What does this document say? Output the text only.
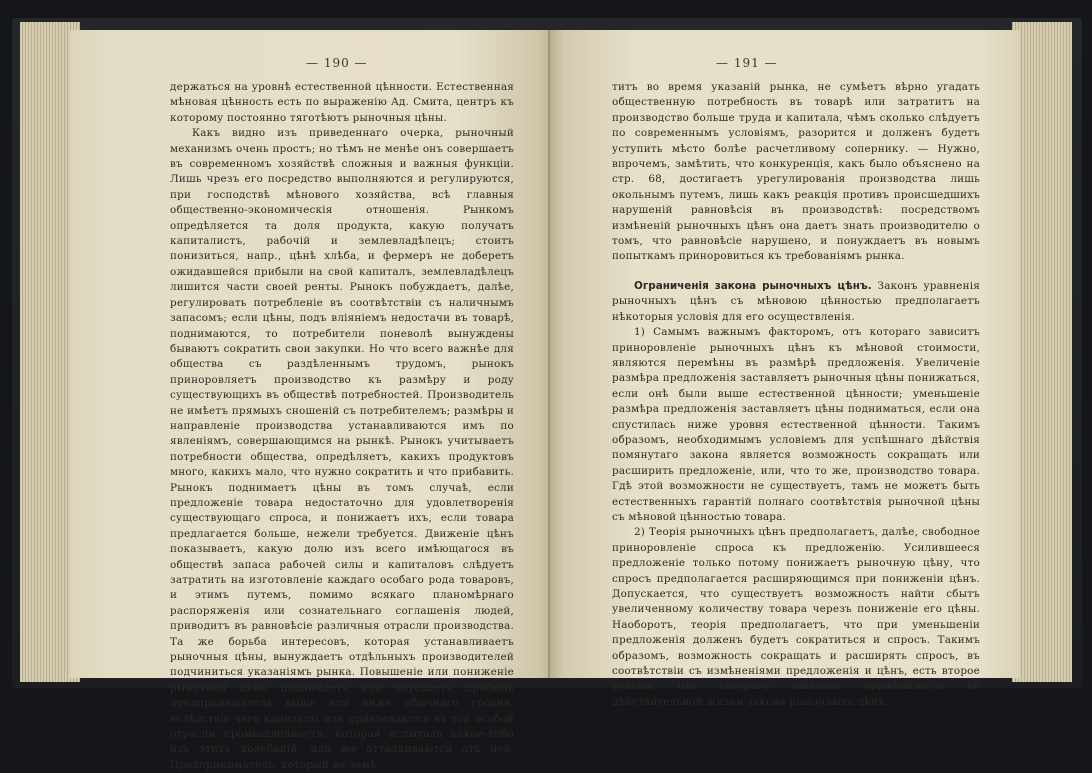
— 190 —

держаться на уровнѣ естественной цѣнности. Естественная мѣновая цѣнность есть по выраженію Ад. Смита, центръ къ которому постоянно тяготѣютъ рыночныя цѣны.

Какъ видно изъ приведеннаго очерка, рыночный механизмъ очень простъ; но тѣмъ не менѣе онъ совершаетъ въ современномъ хозяйствѣ сложныя и важныя функціи. Лишь чрезъ его посредство выполняются и регулируются, при господствѣ мѣнового хозяйства, всѣ главныя общественно-экономическія отношенія. Рынкомъ опредѣляется та доля продукта, какую получатъ капиталистъ, рабочій и землевладѣлецъ; стоитъ понизиться, напр., цѣнѣ хлѣба, и фермеръ не доберетъ ожидавшейся прибыли на свой капиталъ, землевладѣлецъ лишится части своей ренты. Рынокъ побуждаетъ, далѣе, регулировать потребленіе въ соотвѣтствіи съ наличнымъ запасомъ; если цѣны, подъ вліяніемъ недостачи въ товарѣ, поднимаются, то потребители поневолѣ вынуждены бываютъ сократить свои закупки. Но что всего важнѣе для общества съ раздѣленнымъ трудомъ, рынокъ приноровляетъ производство къ размѣру и роду существующихъ въ обществѣ потребностей. Производитель не имѣетъ прямыхъ сношеній съ потребителемъ; размѣры и направленіе производства устанавливаются имъ по явленіямъ, совершающимся на рынкѣ. Рынокъ учитываетъ потребности общества, опредѣляетъ, какихъ продуктовъ много, какихъ мало, что нужно сократить и что прибавить. Рынокъ поднимаетъ цѣны въ томъ случаѣ, если предложеніе товара недостаточно для удовлетворенія существующаго спроса, и понижаетъ ихъ, если товара предлагается больше, нежели требуется. Движеніе цѣнъ показываетъ, какую долю изъ всего имѣющагося въ обществѣ запаса рабочей силы и капиталовъ слѣдуетъ затратить на изготовленіе каждаго особаго рода товаровъ, и этимъ путемъ, помимо всякаго планомѣрнаго распоряженія или сознательнаго соглашенія людей, приводитъ въ равновѣсіе различныя отрасли производства. Та же борьба интересовъ, которая устанавливаетъ рыночныя цѣны, вынуждаетъ отдѣльныхъ производителей подчиниться указаніямъ рынка. Повышеніе или пониженіе рыночной цѣны поднимаетъ или опускаетъ прибыль предпринимателя выше или ниже обычнаго уровня, вслѣдствіе чего капиталы или привлекаются въ той особой отрасли промышленности, которая испытала какое-либо изъ этихъ колебаній, или же отталкиваются отъ нея. Предприниматель, который не замѣ-

— 191 —

титъ во время указаній рынка, не сумѣетъ вѣрно угадать общественную потребность въ товарѣ или затратитъ на производство больше труда и капитала, чѣмъ сколько слѣдуетъ по современнымъ условіямъ, разорится и долженъ будетъ уступить мѣсто болѣе расчетливому сопернику. — Нужно, впрочемъ, замѣтить, что конкуренція, какъ было объяснено на стр. 68, достигаетъ урегулированія производства лишь окольнымъ путемъ, лишь какъ реакція противъ происшедшихъ нарушеній равновѣсія въ производствѣ: посредствомъ измѣненій рыночныхъ цѣнъ она даетъ знать производителю о томъ, что равновѣсіе нарушено, и понуждаетъ въ новымъ попыткамъ приноровиться къ требованіямъ рынка.

Ограниченія закона рыночныхъ цѣнъ. Законъ уравненія рыночныхъ цѣнъ съ мѣновою цѣнностью предполагаетъ нѣкоторыя условія для его осуществленія.

1) Самымъ важнымъ факторомъ, отъ котораго зависитъ приноровленіе рыночныхъ цѣнъ къ мѣновой стоимости, являются перемѣны въ размѣрѣ предложенія. Увеличеніе размѣра предложенія заставляетъ рыночныя цѣны понижаться, если онѣ были выше естественной цѣнности; уменьшеніе размѣра предложенія заставляетъ цѣны подниматься, если она спустилась ниже уровня естественной цѣнности. Такимъ образомъ, необходимымъ условіемъ для успѣшнаго дѣйствія помянутаго закона является возможность сокращать или расширить предложеніе, или, что то же, производство товара. Гдѣ этой возможности не существуетъ, тамъ не можетъ быть естественныхъ гарантій полнаго соотвѣтствія рыночной цѣны съ мѣновой цѣнностью товара.

2) Теорія рыночныхъ цѣнъ предполагаетъ, далѣе, свободное приноровленіе спроса къ предложенію. Усилившееся предложеніе только потому понижаетъ рыночную цѣну, что спросъ предполагается расширяющимся при пониженіи цѣнъ. Допускается, что существуетъ возможность найти сбытъ увеличенному количеству товара черезъ пониженіе его цѣны. Наоборотъ, теорія предполагаетъ, что при уменьшеніи предложенія долженъ будетъ сократиться и спросъ. Такимъ образомъ, возможность сокращать и расширять спросъ, въ соотвѣтствіи съ измѣненіями предложенія и цѣнъ, есть второе условіе, отъ котораго зависитъ примѣнимость въ дѣйствительной жизни закона рыночныхъ цѣнъ.
